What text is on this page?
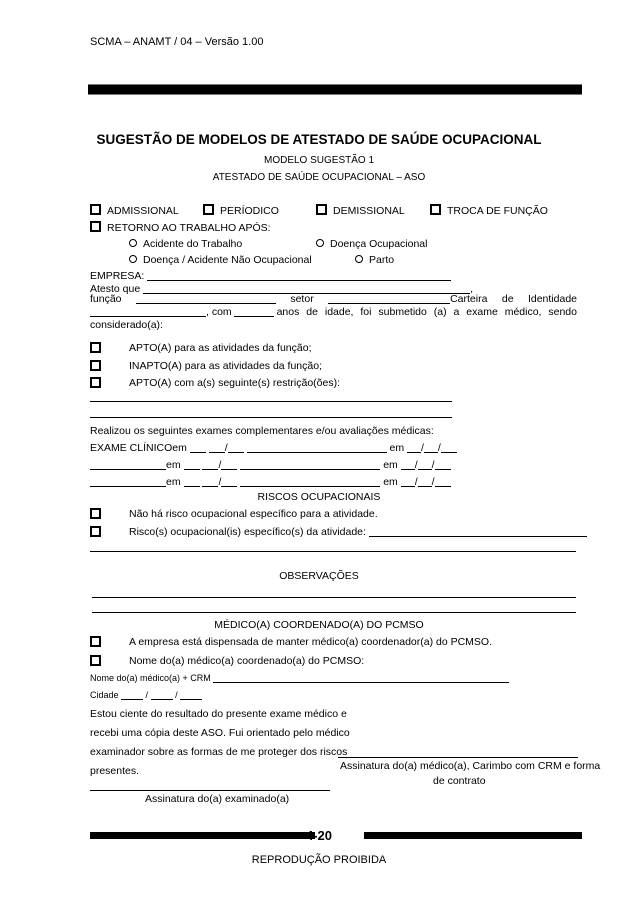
SCMA – ANAMT / 04 – Versão 1.00
SUGESTÃO DE MODELOS DE ATESTADO DE SAÚDE OCUPACIONAL
MODELO SUGESTÃO 1
ATESTADO DE SAÚDE OCUPACIONAL – ASO
ADMISSIONAL	PERÍODICO	DEMISSIONAL	TROCA DE FUNÇÃO
RETORNO AO TRABALHO APÓS:
Acidente do Trabalho	Doença Ocupacional
Doença / Acidente Não Ocupacional	Parto
EMPRESA:
Atesto que	,
função	setor	Carteira de Identidade
, com	anos de idade, foi submetido (a) a exame médico, sendo
considerado(a):
APTO(A) para as atividades da função;
INAPTO(A) para as atividades da função;
APTO(A) com a(s) seguinte(s) restrição(ões):
Realizou os seguintes exames complementares e/ou avaliações médicas:
EXAME CLÍNICOem	/	em / /
em	/	em / /
em	/	em / /
RISCOS OCUPACIONAIS
Não há risco ocupacional específico para a atividade.
Risco(s) ocupacional(is) específico(s) da atividade:
OBSERVAÇÕES
MÉDICO(A) COORDENADO(A) DO PCMSO
A empresa está dispensada de manter médico(a) coordenador(a) do PCMSO.
Nome do(a) médico(a) coordenado(a) do PCMSO:
Nome do(a) médico(a) + CRM
Cidade	/  /
Estou ciente do resultado do presente exame médico e
recebi uma cópia deste ASO. Fui orientado pelo médico
examinador sobre as formas de me proteger dos riscos
presentes.	Assinatura do(a) médico(a), Carimbo com CRM e forma
de contrato
Assinatura do(a) examinado(a)
4-20
REPRODUÇÃO PROIBIDA
